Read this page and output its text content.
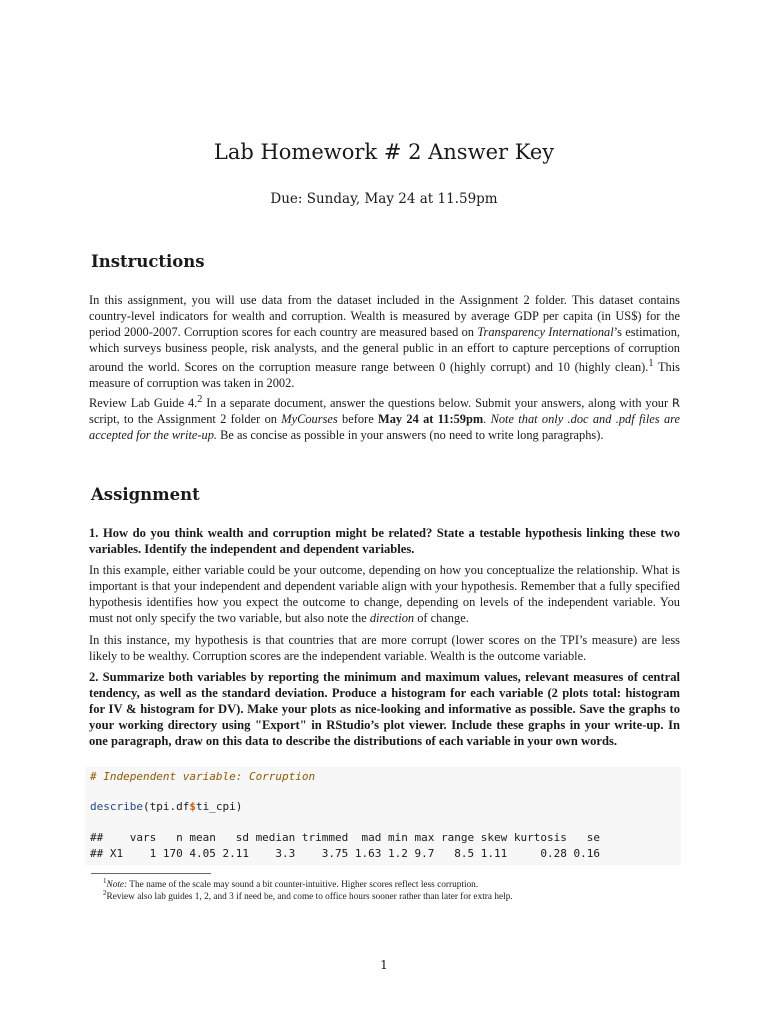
Lab Homework # 2 Answer Key
Due: Sunday, May 24 at 11.59pm
Instructions
In this assignment, you will use data from the dataset included in the Assignment 2 folder. This dataset contains country-level indicators for wealth and corruption. Wealth is measured by average GDP per capita (in US$) for the period 2000-2007. Corruption scores for each country are measured based on Transparency International’s estimation, which surveys business people, risk analysts, and the general public in an effort to capture perceptions of corruption around the world. Scores on the corruption measure range between 0 (highly corrupt) and 10 (highly clean).$^1$ This measure of corruption was taken in 2002.
Review Lab Guide 4.$^2$ In a separate document, answer the questions below. Submit your answers, along with your R script, to the Assignment 2 folder on MyCourses before May 24 at 11:59pm. Note that only .doc and .pdf files are accepted for the write-up. Be as concise as possible in your answers (no need to write long paragraphs).
Assignment
1. How do you think wealth and corruption might be related? State a testable hypothesis linking these two variables. Identify the independent and dependent variables.
In this example, either variable could be your outcome, depending on how you conceptualize the relationship. What is important is that your independent and dependent variable align with your hypothesis. Remember that a fully specified hypothesis identifies how you expect the outcome to change, depending on levels of the independent variable. You must not only specify the two variable, but also note the direction of change.
In this instance, my hypothesis is that countries that are more corrupt (lower scores on the TPI’s measure) are less likely to be wealthy. Corruption scores are the independent variable. Wealth is the outcome variable.
2. Summarize both variables by reporting the minimum and maximum values, relevant measures of central tendency, as well as the standard deviation. Produce a histogram for each variable (2 plots total: histogram for IV & histogram for DV). Make your plots as nice-looking and informative as possible. Save the graphs to your working directory using "Export" in RStudio’s plot viewer. Include these graphs in your write-up. In one paragraph, draw on this data to describe the distributions of each variable in your own words.
# Independent variable: Corruption
describe(tpi.df$ti_cpi)
##    vars   n mean   sd median trimmed  mad min max range skew kurtosis   se
## X1    1 170 4.05 2.11    3.3    3.75 1.63 1.2 9.7   8.5 1.11     0.28 0.16
$^1$Note: The name of the scale may sound a bit counter-intuitive. Higher scores reflect less corruption.
$^2$Review also lab guides 1, 2, and 3 if need be, and come to office hours sooner rather than later for extra help.
1
